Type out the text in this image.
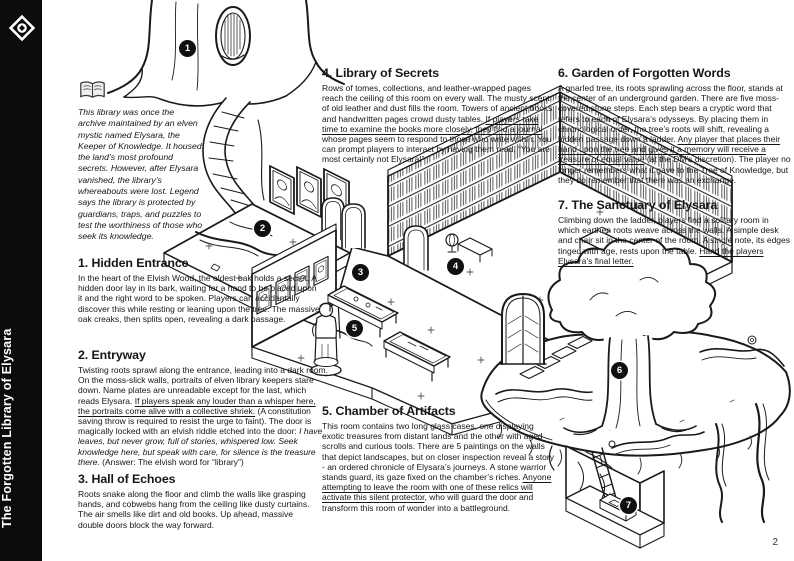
1
2
3
4
5
6
7
The Forgotten Library of Elysara

This library was once the archive maintained by an elven mystic named Elysara, the Keeper of Knowledge. It housed the land’s most profound secrets. However, after Elysara vanished, the library’s whereabouts were lost. Legend says the library is protected by guardians, traps, and puzzles to test the worthiness of those who seek its knowledge.

1. Hidden Entrance

In the heart of the Elvish Wood, the oldest oak holds a secret. A hidden door lay in its bark, waiting for a hand to be placed upon it and the right word to be spoken. Players can accidentally discover this while resting or leaning upon the tree. The massive oak creaks, then splits open, revealing a dark passage.

2. Entryway

Twisting roots sprawl along the entrance, leading into a dark room. On the moss-slick walls, portraits of elven library keepers stare down. Name plates are unreadable except for the last, which reads Elysara. If players speak any louder than a whisper here, the portraits come alive with a collective shriek. (A constitution saving throw is required to resist the urge to faint). The door is magically locked with an elvish riddle etched into the door: I have leaves, but never grow, full of stories, whispered low. Seek knowledge here, but speak with care, for silence is the treasure there. (Answer: The elvish word for “library”)

3. Hall of Echoes

Roots snake along the floor and climb the walls like grasping hands, and cobwebs hang from the ceiling like dusty curtains. The air smells like dirt and old books. Up ahead, massive double doors block the way forward.

4. Library of Secrets

Rows of tomes, collections, and leather-wrapped pages reach the ceiling of this room on every wall. The musty scent of old leather and dust fills the room. Towers of ancient books and handwritten pages crowd dusty tables. If players take time to examine the books more closely, they find a journal whose pages seem to respond to those who write within. You can prompt players to interact by having them read, “You are most certainly not Elysara!”

5. Chamber of Artifacts

This room contains two long glass cases, one displaying exotic treasures from distant lands and the other with aged scrolls and curious tools. There are 5 paintings on the walls that depict landscapes, but on closer inspection reveal a story - an ordered chronicle of Elysara’s journeys. A stone warrior stands guard, its gaze fixed on the chamber’s riches. Anyone attempting to leave the room with one of these relics will activate this silent protector, who will guard the door and transform this room of wonder into a battleground.

6. Garden of Forgotten Words

A gnarled tree, its roots sprawling across the floor, stands at the center of an underground garden. There are five moss-covered stone steps. Each step bears a cryptic word that refers to each of Elysara’s odysseys. By placing them in chronological order, the tree’s roots will shift, revealing a hidden passage down a ladder. Any player that places their hand upon the tree and gives it a memory will receive a treasure of equal value (at the DM’s discretion). The player no longer remembers what it gave to the Tree of Knowledge, but they do remember that there was an exchange.

7. The Sanctuary of Elysara

Climbing down the ladder, players find a solitary room in which earthen roots weave across the walls. A simple desk and chair sit in the center of the room. A single note, its edges tinged with age, rests upon the table. Hand the players Elysara’s final letter.

2
